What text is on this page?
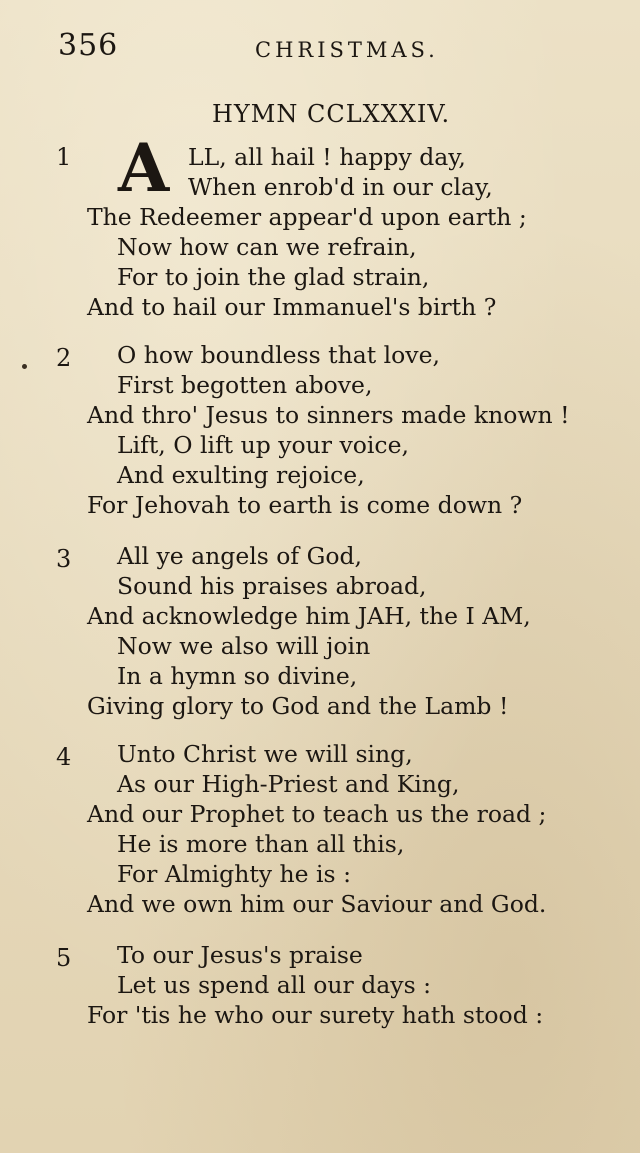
356	CHRISTMAS.
HYMN CCLXXXIV.
1 A LL, all hail ! happy day,
When enrob'd in our clay,
The Redeemer appear'd upon earth ;
Now how can we refrain,
For to join the glad strain,
And to hail our Immanuel's birth ?
2 O how boundless that love,
First begotten above,
And thro' Jesus to sinners made known !
Lift, O lift up your voice,
And exulting rejoice,
For Jehovah to earth is come down ?
3 All ye angels of God,
Sound his praises abroad,
And acknowledge him JAH, the I AM,
Now we also will join
In a hymn so divine,
Giving glory to God and the Lamb !
4 Unto Christ we will sing,
As our High-Priest and King,
And our Prophet to teach us the road ;
He is more than all this,
For Almighty he is :
And we own him our Saviour and God.
5 To our Jesus's praise
Let us spend all our days :
For 'tis he who our surety hath stood :
